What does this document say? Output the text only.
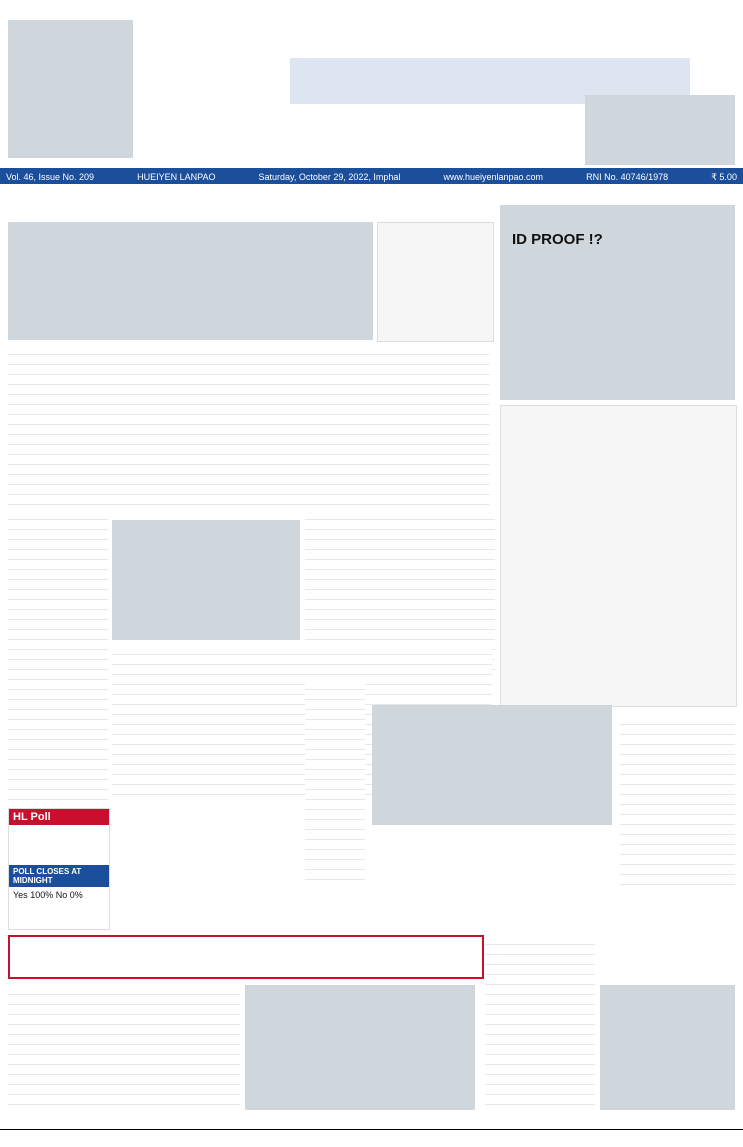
Vol. 46, Issue No. 209	HUEIYEN LANPAO	Saturday, October 29, 2022, Imphal	www.hueiyenlanpao.com	RNI No. 40746/1978	₹ 5.00
ID PROOF !?
HL Poll
POLL CLOSES AT MIDNIGHT
Yes 100% No 0%
